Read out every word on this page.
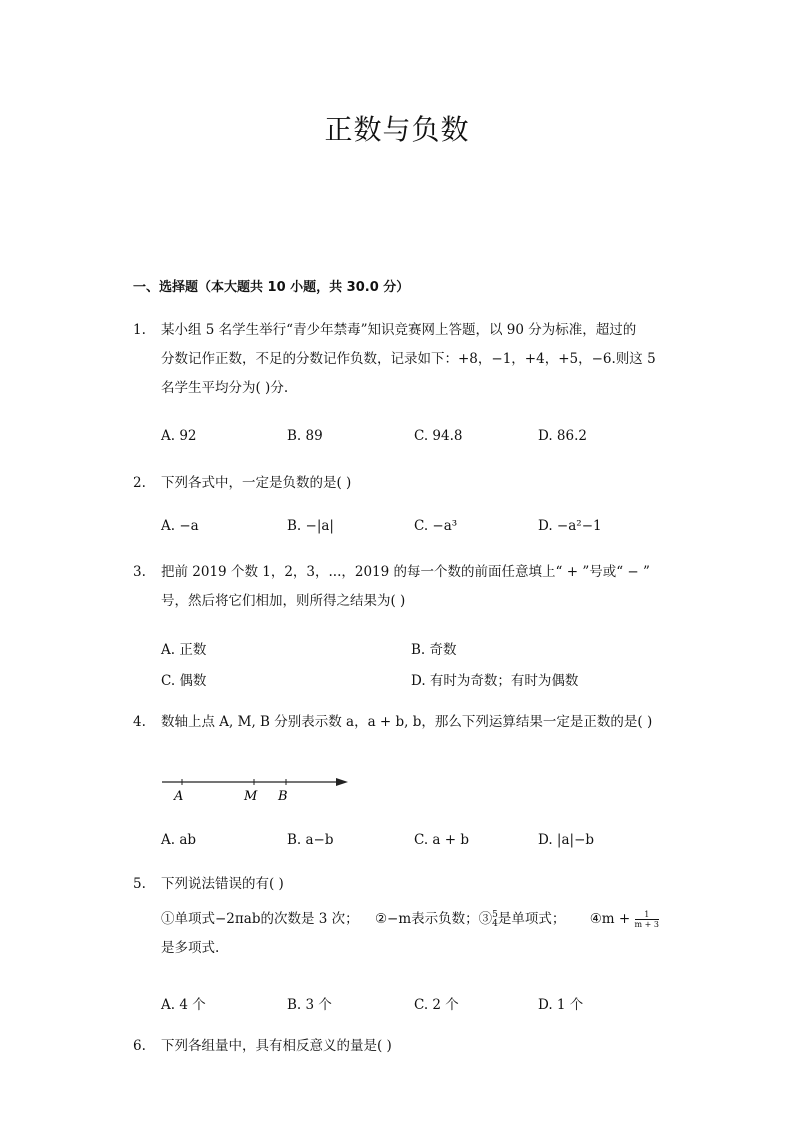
正数与负数
一、选择题（本大题共 10 小题，共 30.0 分）
1.	某小组 5 名学生举行“青少年禁毒”知识竞赛网上答题，以 90 分为标准，超过的
分数记作正数，不足的分数记作负数，记录如下：+8，−1，+4，+5，−6.则这 5
名学生平均分为( )分.
A. 92	B. 89	C. 94.8	D. 86.2
2.	下列各式中，一定是负数的是( )
A. −a	B. −|a|	C. −a³	D. −a²−1
3.	把前 2019 个数 1，2，3，...，2019 的每一个数的前面任意填上“ + ”号或“ − ”
号，然后将它们相加，则所得之结果为( )
A. 正数	B. 奇数
C. 偶数	D. 有时为奇数；有时为偶数
4.	数轴上点 A, M, B 分别表示数 a，a + b, b，那么下列运算结果一定是正数的是( )
A	M B
A. ab	B. a−b	C. a + b	D. |a|−b
5.	下列说法错误的有( )
①单项式−2πab的次数是 3 次； ②−m表示负数；③ 5
4 是单项式； ④m + $\frac{1}{m + 3}$
是多项式.
A. 4 个	B. 3 个	C. 2 个	D. 1 个
6.	下列各组量中，具有相反意义的量是( )
